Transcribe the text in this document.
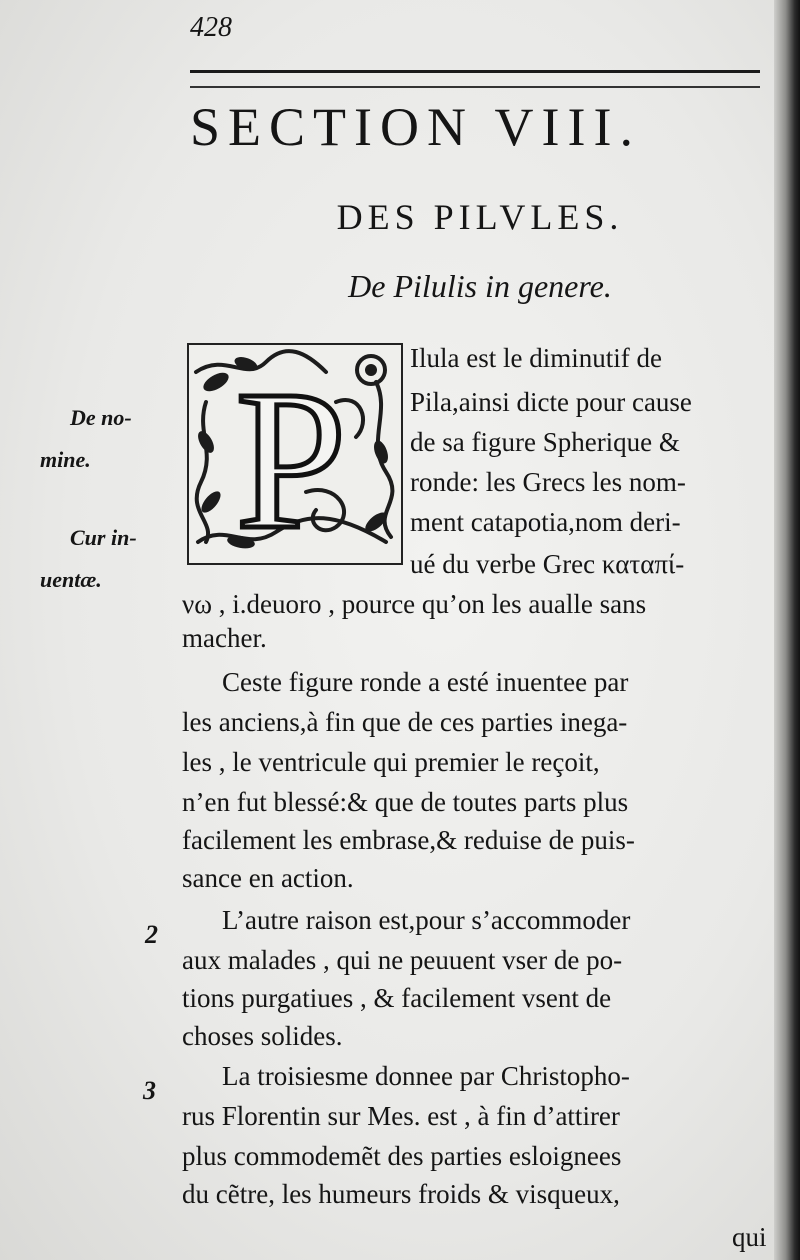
428
SECTION VIII.
DES PILVLES.
De Pilulis in genere.
P
De no-
mine.
Cur in-
uentæ.
2
3
Ilula est le diminutif de
Pila,ainsi dicte pour cause
de sa figure Spherique &
ronde: les Grecs les nom-
ment catapotia,nom deri-
ué du verbe Grec καταπί-
νω , i.deuoro , pource qu’on les aualle sans
macher.
Ceste figure ronde a esté inuentee par
les anciens,à fin que de ces parties inega-
les , le ventricule qui premier le reçoit,
n’en fut blessé:& que de toutes parts plus
facilement les embrase,& reduise de puis-
sance en action.
L’autre raison est,pour s’accommoder
aux malades , qui ne peuuent vser de po-
tions purgatiues , & facilement vsent de
choses solides.
La troisiesme donnee par Christopho-
rus Florentin sur Mes. est , à fin d’attirer
plus commodemẽt des parties esloignees
du cẽtre, les humeurs froids & visqueux,
qui
